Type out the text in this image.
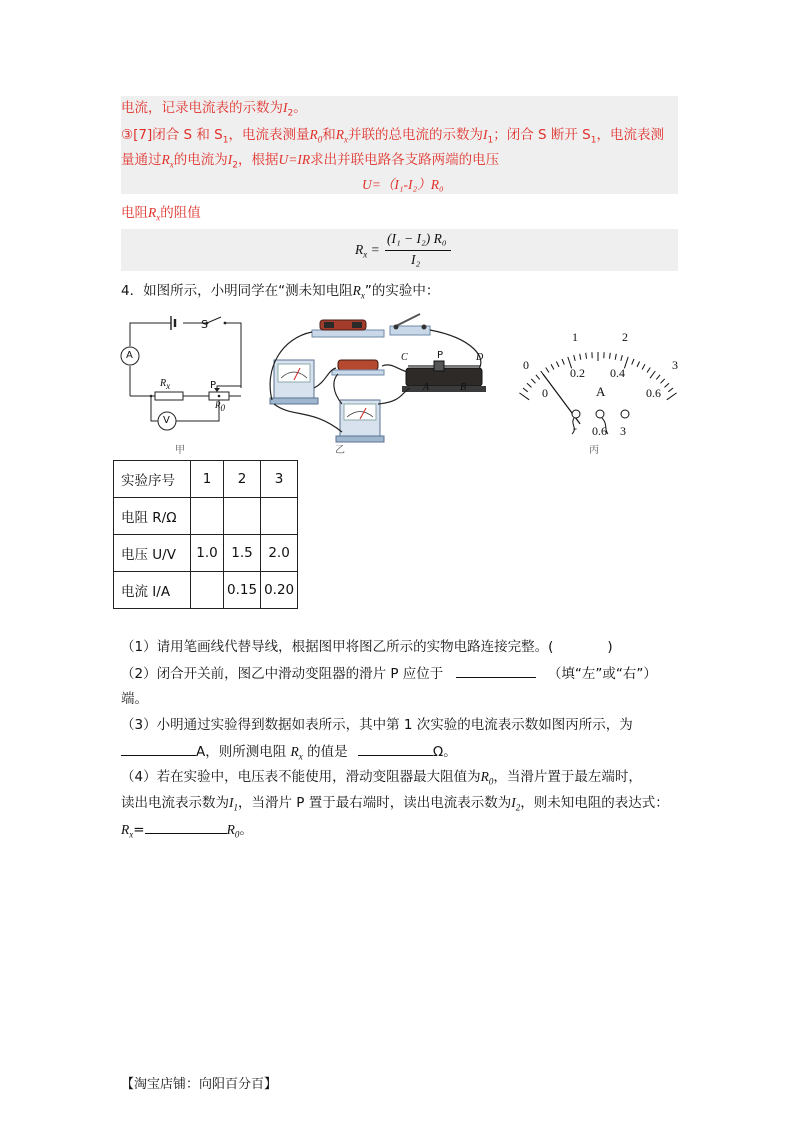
电流，记录电流表的示数为$I_2$。
③[7]闭合 S 和 $S_1$，电流表测量$R_0$和$R_x$并联的总电流的示数为$I_1$；闭合 S 断开 $S_1$，电流表测
量通过$R_x$的电流为$I_2$，根据U=IR求出并联电路各支路两端的电压
U=（I₁-I₂）R₀
电阻$R_x$的阻值
$R_x$ =
(I₁ − I₂) R₀
I₂
4．如图所示，小明同学在“测未知电阻$R_x$”的实验中：
S
A
V
$R_x$	P
$R_0$
甲
C	P	D
A	B
乙
0
1	2
3
0
0.2 0.4
0.6
A
- 0.6 3
丙
实验序号	1	2	3
电阻 R/Ω			
电压 U/V	1.0	1.5	2.0
电流 I/A		0.15	0.20
（1）请用笔画线代替导线，根据图甲将图乙所示的实物电路连接完整。(　　　　)
（2）闭合开关前，图乙中滑动变阻器的滑片 P 应位于	（填“左”或“右”）
端。
（3）小明通过实验得到数据如表所示，其中第 1 次实验的电流表示数如图丙所示，为
A，则所测电阻 $R_x$ 的值是	Ω。
（4）若在实验中，电压表不能使用，滑动变阻器最大阻值为$R_0$，当滑片置于最左端时，
读出电流表示数为$I_1$，当滑片 P 置于最右端时，读出电流表示数为$I_2$，则未知电阻的表达式：
$R_x=$	$R_0$。
【淘宝店铺：向阳百分百】
